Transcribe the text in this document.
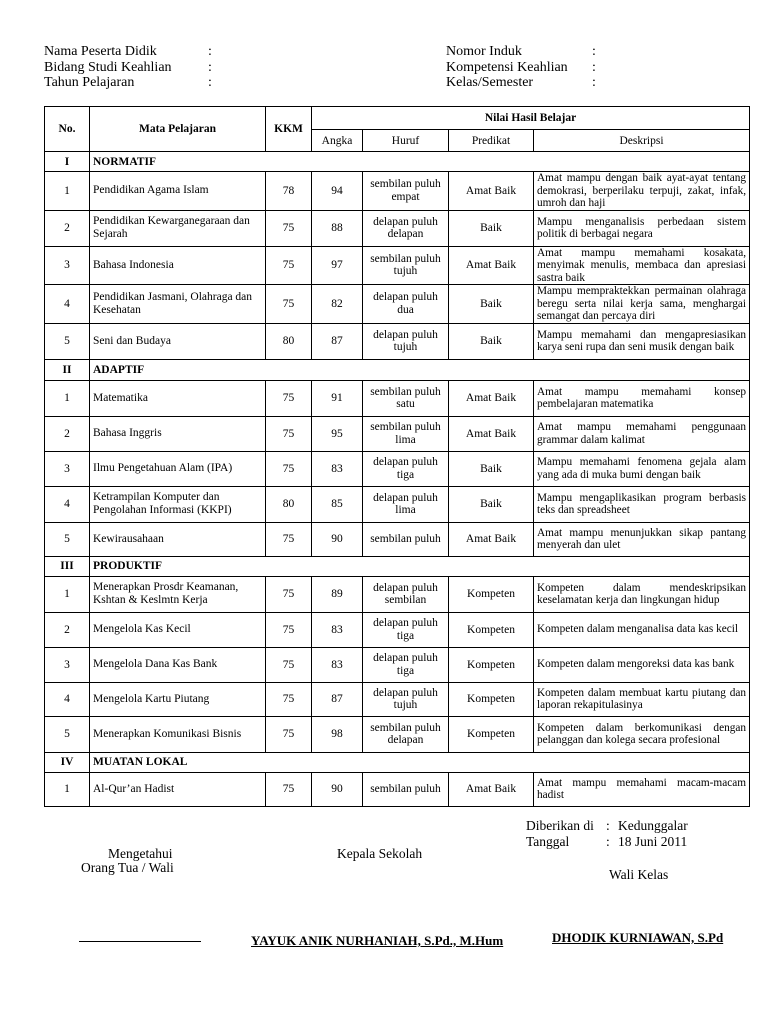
Nama Peserta Didik	:	Nomor Induk	:
Bidang Studi Keahlian	:	Kompetensi Keahlian :
Tahun Pelajaran	:	Kelas/Semester	:
No.	Mata Pelajaran	KKM	Nilai Hasil Belajar			
			Angka	Huruf	Predikat	Deskripsi
I	NORMATIF					
1	Pendidikan Agama Islam	78	94	sembilan puluh empat	Amat Baik	Amat mampu dengan baik ayat-ayat tentang demokrasi, berperilaku terpuji, zakat, infak, umroh dan haji
2	Pendidikan Kewarganegaraan dan Sejarah	75	88	delapan puluh delapan	Baik	Mampu menganalisis perbedaan sistem politik di berbagai negara
3	Bahasa Indonesia	75	97	sembilan puluh tujuh	Amat Baik	Amat mampu memahami kosakata, menyimak menulis, membaca dan apresiasi sastra baik
4	Pendidikan Jasmani, Olahraga dan Kesehatan	75	82	delapan puluh dua	Baik	Mampu mempraktekkan permainan olahraga beregu serta nilai kerja sama, menghargai semangat dan percaya diri
5	Seni dan Budaya	80	87	delapan puluh tujuh	Baik	Mampu memahami dan mengapresiasikan karya seni rupa dan seni musik dengan baik
II	ADAPTIF					
1	Matematika	75	91	sembilan puluh satu	Amat Baik	Amat mampu memahami konsep pembelajaran matematika
2	Bahasa Inggris	75	95	sembilan puluh lima	Amat Baik	Amat mampu memahami penggunaan grammar dalam kalimat
3	Ilmu Pengetahuan Alam (IPA)	75	83	delapan puluh tiga	Baik	Mampu memahami fenomena gejala alam yang ada di muka bumi dengan baik
4	Ketrampilan Komputer dan Pengolahan Informasi (KKPI)	80	85	delapan puluh lima	Baik	Mampu mengaplikasikan program berbasis teks dan spreadsheet
5	Kewirausahaan	75	90	sembilan puluh	Amat Baik	Amat mampu menunjukkan sikap pantang menyerah dan ulet
III	PRODUKTIF					
1	Menerapkan Prosdr Keamanan, Kshtan & Keslmtn Kerja	75	89	delapan puluh sembilan	Kompeten	Kompeten dalam mendeskripsikan keselamatan kerja dan lingkungan hidup
2	Mengelola Kas Kecil	75	83	delapan puluh tiga	Kompeten	Kompeten dalam menganalisa data kas kecil
3	Mengelola Dana Kas Bank	75	83	delapan puluh tiga	Kompeten	Kompeten dalam mengoreksi data kas bank
4	Mengelola Kartu Piutang	75	87	delapan puluh tujuh	Kompeten	Kompeten dalam membuat kartu piutang dan laporan rekapitulasinya
5	Menerapkan Komunikasi Bisnis	75	98	sembilan puluh delapan	Kompeten	Kompeten dalam berkomunikasi dengan pelanggan dan kolega secara profesional
IV	MUATAN LOKAL					
1	Al-Qur’an Hadist	75	90	sembilan puluh	Amat Baik	Amat mampu memahami macam-macam hadist
Diberikan di : Kedunggalar
Tanggal	: 18 Juni 2011
Mengetahui
Orang Tua / Wali
Kepala Sekolah
Wali Kelas
YAYUK ANIK NURHANIAH, S.Pd., M.Hum	DHODIK KURNIAWAN, S.Pd
